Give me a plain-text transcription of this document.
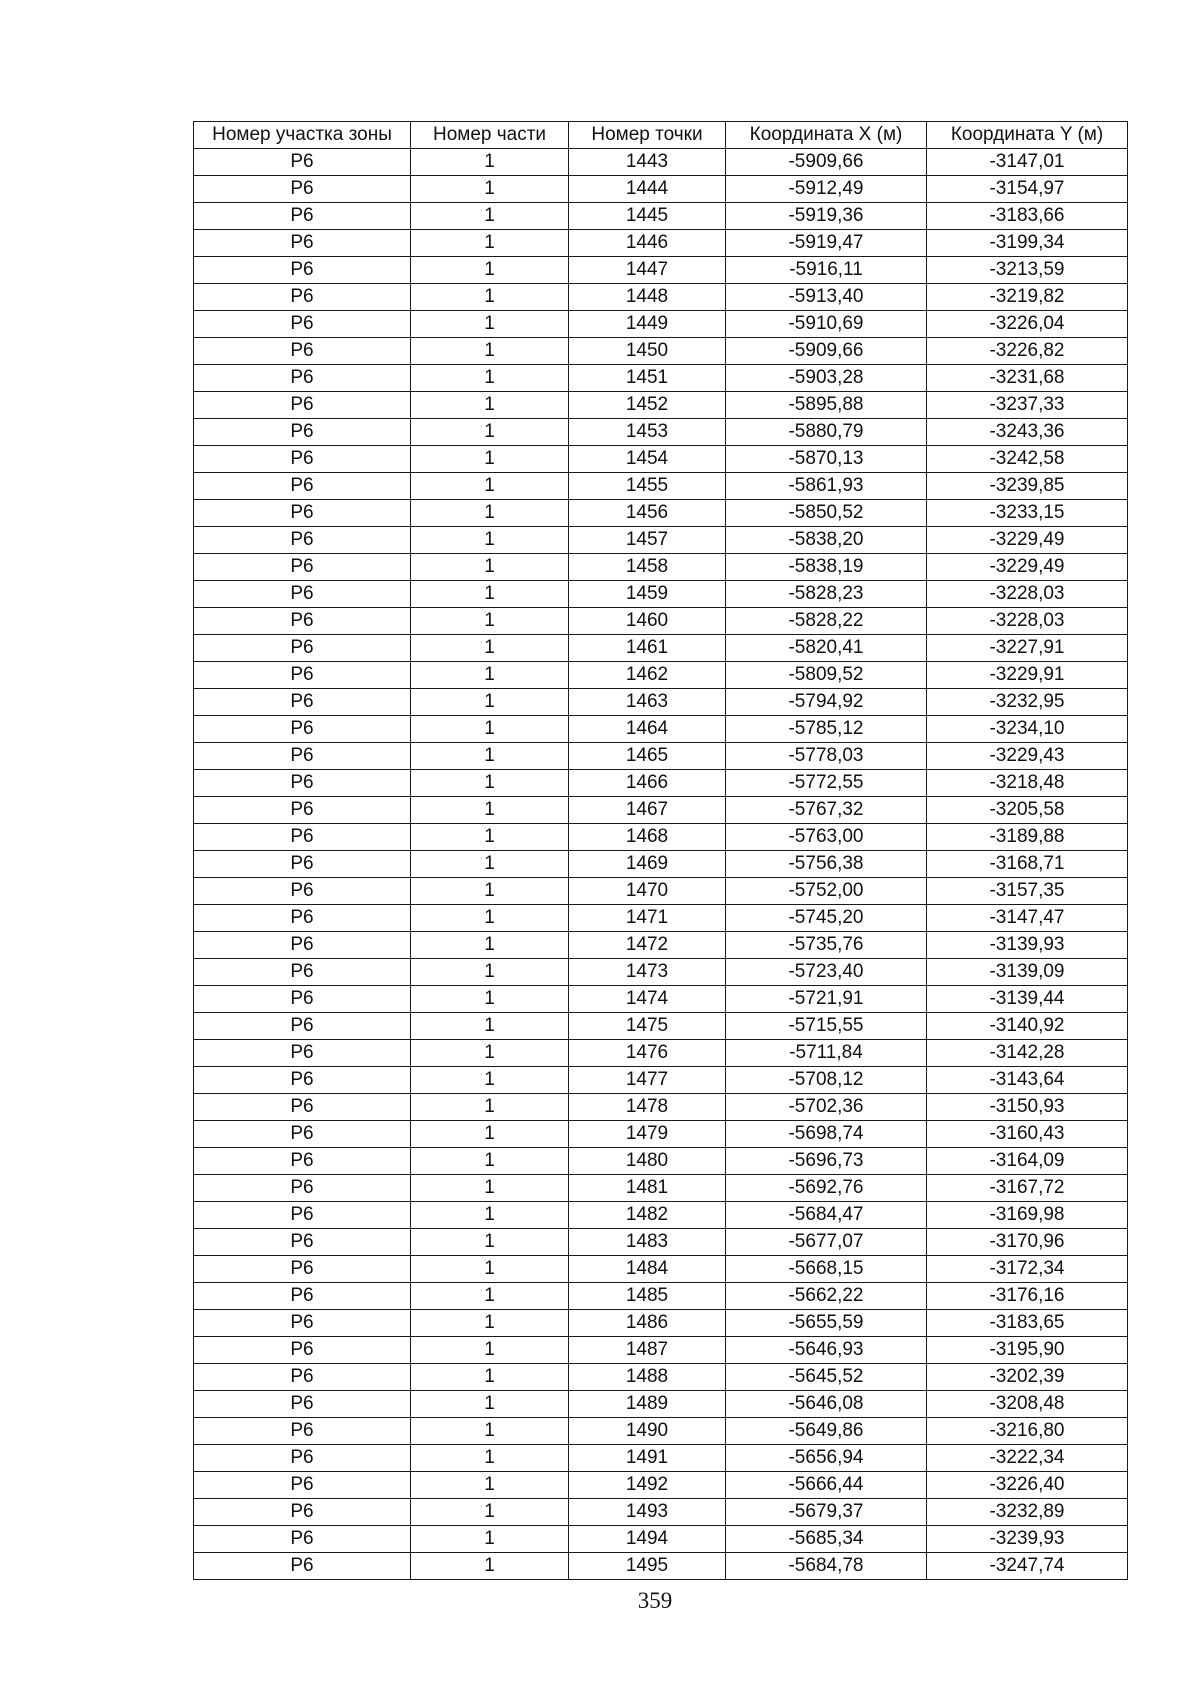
Номер участка зоны	Номер части	Номер точки	Координата X (м)	Координата Y (м)
Р6	1	1443	-5909,66	-3147,01
Р6	1	1444	-5912,49	-3154,97
Р6	1	1445	-5919,36	-3183,66
Р6	1	1446	-5919,47	-3199,34
Р6	1	1447	-5916,11	-3213,59
Р6	1	1448	-5913,40	-3219,82
Р6	1	1449	-5910,69	-3226,04
Р6	1	1450	-5909,66	-3226,82
Р6	1	1451	-5903,28	-3231,68
Р6	1	1452	-5895,88	-3237,33
Р6	1	1453	-5880,79	-3243,36
Р6	1	1454	-5870,13	-3242,58
Р6	1	1455	-5861,93	-3239,85
Р6	1	1456	-5850,52	-3233,15
Р6	1	1457	-5838,20	-3229,49
Р6	1	1458	-5838,19	-3229,49
Р6	1	1459	-5828,23	-3228,03
Р6	1	1460	-5828,22	-3228,03
Р6	1	1461	-5820,41	-3227,91
Р6	1	1462	-5809,52	-3229,91
Р6	1	1463	-5794,92	-3232,95
Р6	1	1464	-5785,12	-3234,10
Р6	1	1465	-5778,03	-3229,43
Р6	1	1466	-5772,55	-3218,48
Р6	1	1467	-5767,32	-3205,58
Р6	1	1468	-5763,00	-3189,88
Р6	1	1469	-5756,38	-3168,71
Р6	1	1470	-5752,00	-3157,35
Р6	1	1471	-5745,20	-3147,47
Р6	1	1472	-5735,76	-3139,93
Р6	1	1473	-5723,40	-3139,09
Р6	1	1474	-5721,91	-3139,44
Р6	1	1475	-5715,55	-3140,92
Р6	1	1476	-5711,84	-3142,28
Р6	1	1477	-5708,12	-3143,64
Р6	1	1478	-5702,36	-3150,93
Р6	1	1479	-5698,74	-3160,43
Р6	1	1480	-5696,73	-3164,09
Р6	1	1481	-5692,76	-3167,72
Р6	1	1482	-5684,47	-3169,98
Р6	1	1483	-5677,07	-3170,96
Р6	1	1484	-5668,15	-3172,34
Р6	1	1485	-5662,22	-3176,16
Р6	1	1486	-5655,59	-3183,65
Р6	1	1487	-5646,93	-3195,90
Р6	1	1488	-5645,52	-3202,39
Р6	1	1489	-5646,08	-3208,48
Р6	1	1490	-5649,86	-3216,80
Р6	1	1491	-5656,94	-3222,34
Р6	1	1492	-5666,44	-3226,40
Р6	1	1493	-5679,37	-3232,89
Р6	1	1494	-5685,34	-3239,93
Р6	1	1495	-5684,78	-3247,74
359
